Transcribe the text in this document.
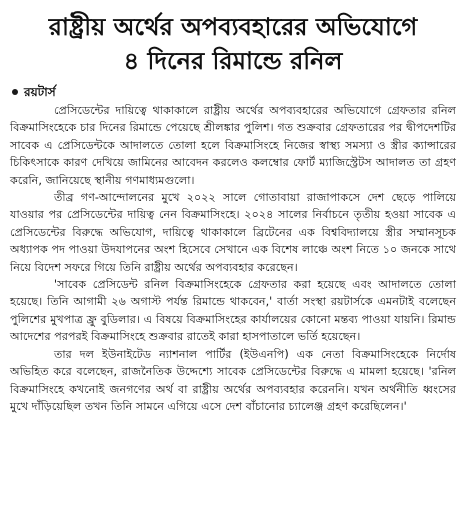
রাষ্ট্রীয় অর্থের অপব্যবহারের অভিযোগে
৪ দিনের রিমান্ডে রনিল
রয়টার্স

প্রেসিডেন্টের দায়িত্বে থাকাকালে রাষ্ট্রীয় অর্থের অপব্যবহারের অভিযোগে গ্রেফতার রনিল বিক্রমাসিংহেকে চার দিনের রিমান্ডে পেয়েছে শ্রীলঙ্কার পুলিশ। গত শুক্রবার গ্রেফতারের পর দ্বীপদেশটির সাবেক এ প্রেসিডেন্টকে আদালতে তোলা হলে বিক্রমাসিংহে নিজের স্বাস্থ্য সমস্যা ও স্ত্রীর ক্যান্সারের চিকিৎসাকে কারণ দেখিয়ে জামিনের আবেদন করলেও কলম্বোর ফোর্ট ম্যাজিস্ট্রেটস আদালত তা গ্রহণ করেনি, জানিয়েছে স্থানীয় গণমাধ্যমগুলো।

তীব্র গণ-আন্দোলনের মুখে ২০২২ সালে গোতাবায়া রাজাপাকসে দেশ ছেড়ে পালিয়ে যাওয়ার পর প্রেসিডেন্টের দায়িত্ব নেন বিক্রমাসিংহে। ২০২৪ সালের নির্বাচনে তৃতীয় হওয়া সাবেক এ প্রেসিডেন্টের বিরুদ্ধে অভিযোগ, দায়িত্বে থাকাকালে ব্রিটেনের এক বিশ্ববিদ্যালয়ে স্ত্রীর সম্মানসূচক অধ্যাপক পদ পাওয়া উদযাপনের অংশ হিসেবে সেখানে এক বিশেষ লাঞ্চে অংশ নিতে ১০ জনকে সাথে নিয়ে বিদেশ সফরে গিয়ে তিনি রাষ্ট্রীয় অর্থের অপব্যবহার করেছেন।

'সাবেক প্রেসিডেন্ট রনিল বিক্রমাসিংহেকে গ্রেফতার করা হয়েছে এবং আদালতে তোলা হয়েছে। তিনি আগামী ২৬ অগাস্ট পর্যন্ত রিমান্ডে থাকবেন,' বার্তা সংস্থা রয়টার্সকে এমনটাই বলেছেন পুলিশের মুখপাত্র ফ্রু বুডিলার। এ বিষয়ে বিক্রমাসিংহের কার্যালয়ের কোনো মন্তব্য পাওয়া যায়নি। রিমান্ড আদেশের পরপরই বিক্রমাসিংহে শুক্রবার রাতেই কারা হাসপাতালে ভর্তি হয়েছেন।

তার দল ইউনাইটেড ন্যাশনাল পার্টির (ইউএনপি) এক নেতা বিক্রমাসিংহেকে নির্দোষ অভিহিত করে বলেছেন, রাজনৈতিক উদ্দেশ্যে সাবেক প্রেসিডেন্টের বিরুদ্ধে এ মামলা হয়েছে। 'রনিল বিক্রমাসিংহে কখনোই জনগণের অর্থ বা রাষ্ট্রীয় অর্থের অপব্যবহার করেননি। যখন অর্থনীতি ধ্বংসের মুখে দাঁড়িয়েছিল তখন তিনি সামনে এগিয়ে এসে দেশ বাঁচানোর চ্যালেঞ্জ গ্রহণ করেছিলেন।'
